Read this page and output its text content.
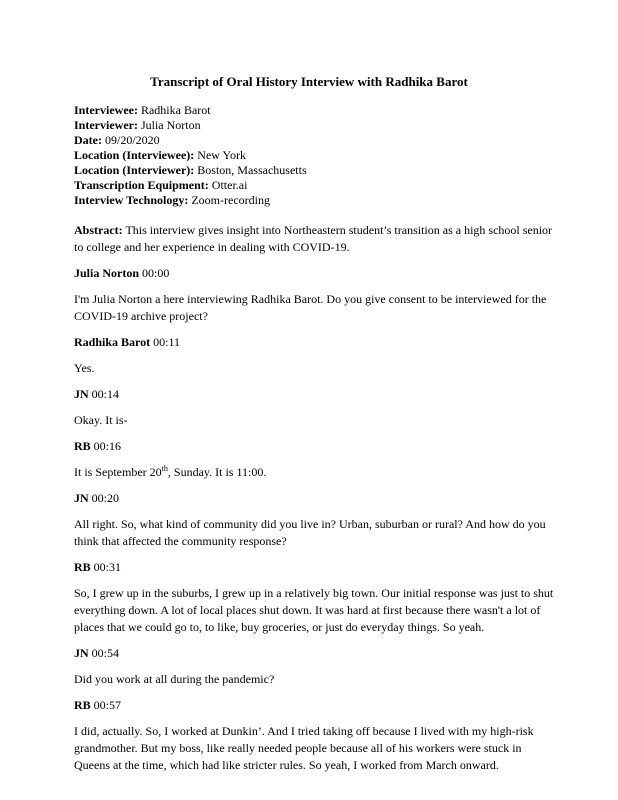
Transcript of Oral History Interview with Radhika Barot
Interviewee: Radhika Barot
Interviewer: Julia Norton
Date: 09/20/2020
Location (Interviewee): New York
Location (Interviewer): Boston, Massachusetts
Transcription Equipment: Otter.ai
Interview Technology: Zoom-recording
Abstract: This interview gives insight into Northeastern student’s transition as a high school senior to college and her experience in dealing with COVID-19.

Julia Norton 00:00

I'm Julia Norton a here interviewing Radhika Barot. Do you give consent to be interviewed for the COVID-19 archive project?

Radhika Barot 00:11

Yes.

JN 00:14

Okay. It is-

RB 00:16

It is September 20th, Sunday. It is 11:00.

JN 00:20

All right. So, what kind of community did you live in? Urban, suburban or rural? And how do you think that affected the community response?

RB 00:31

So, I grew up in the suburbs, I grew up in a relatively big town. Our initial response was just to shut everything down. A lot of local places shut down. It was hard at first because there wasn't a lot of places that we could go to, to like, buy groceries, or just do everyday things. So yeah.

JN 00:54

Did you work at all during the pandemic?

RB 00:57

I did, actually. So, I worked at Dunkin’. And I tried taking off because I lived with my high-risk grandmother. But my boss, like really needed people because all of his workers were stuck in Queens at the time, which had like stricter rules. So yeah, I worked from March onward.
